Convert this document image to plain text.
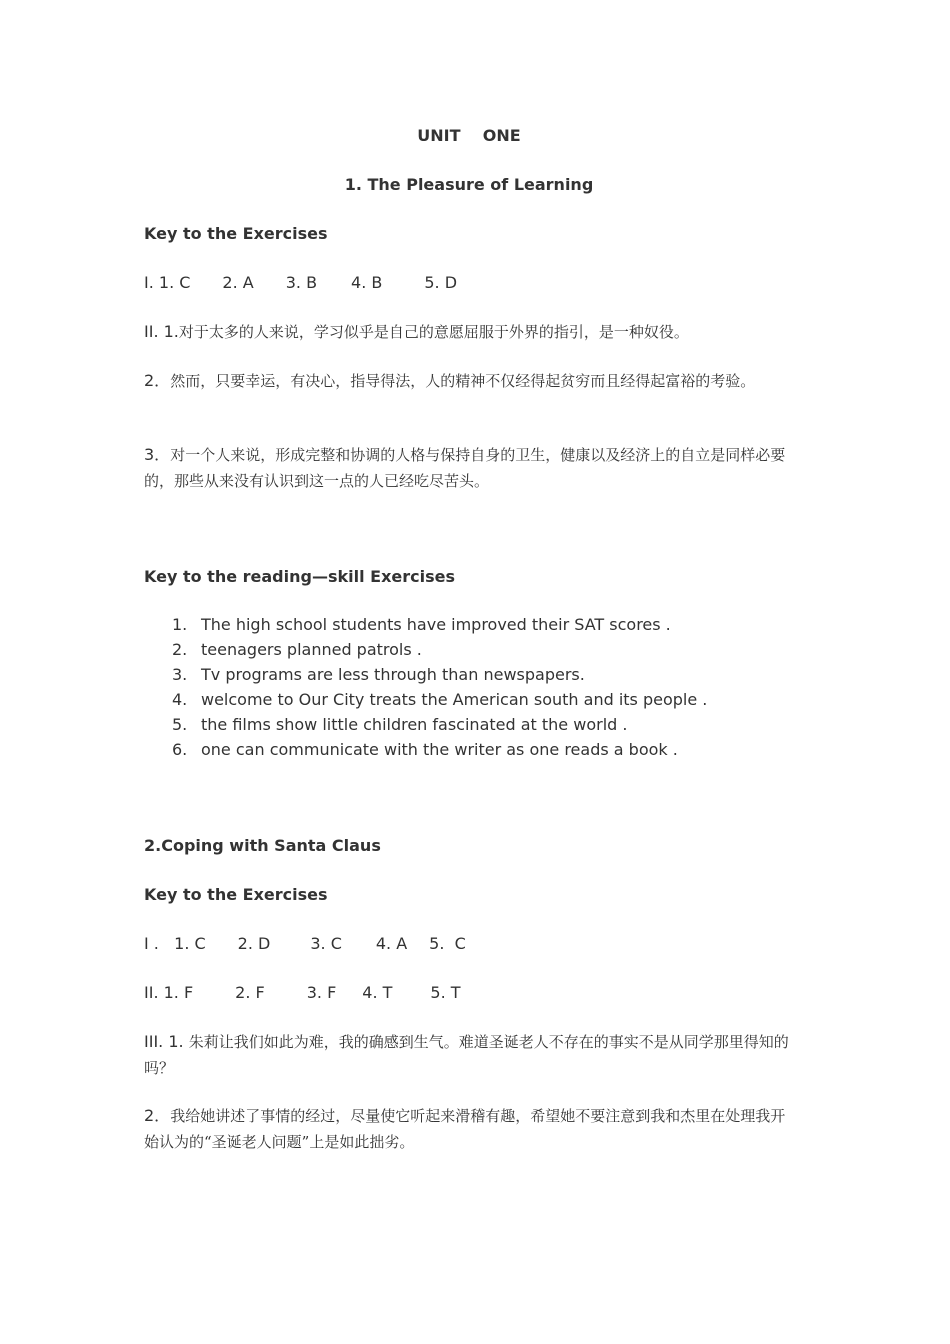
UNIT    ONE
1. The Pleasure of Learning
Key to the Exercises
I. 1. C 2. A 3. B 4. B	5. D
II. 1.对于太多的人来说，学习似乎是自己的意愿屈服于外界的指引，是一种奴役。
2．然而，只要幸运，有决心，指导得法，人的精神不仅经得起贫穷而且经得起富裕的考验。
3．对一个人来说，形成完整和协调的人格与保持自身的卫生，健康以及经济上的自立是同样必要的，那些从来没有认识到这一点的人已经吃尽苦头。
Key to the reading—skill Exercises
1. The high school students have improved their SAT scores .
2. teenagers planned patrols .
3. Tv programs are less through than newspapers.
4. welcome to Our City treats the American south and its people .
5. the films show little children fascinated at the world .
6. one can communicate with the writer as one reads a book .
2.Coping with Santa Claus
Key to the Exercises
I .   1. C 2. D	3. C 4. A 5.  C
II. 1. F	2. F	3. F 4. T 5. T
III. 1. 朱莉让我们如此为难，我的确感到生气。难道圣诞老人不存在的事实不是从同学那里得知的吗？
2．我给她讲述了事情的经过，尽量使它听起来滑稽有趣，希望她不要注意到我和杰里在处理我开始认为的“圣诞老人问题”上是如此拙劣。
